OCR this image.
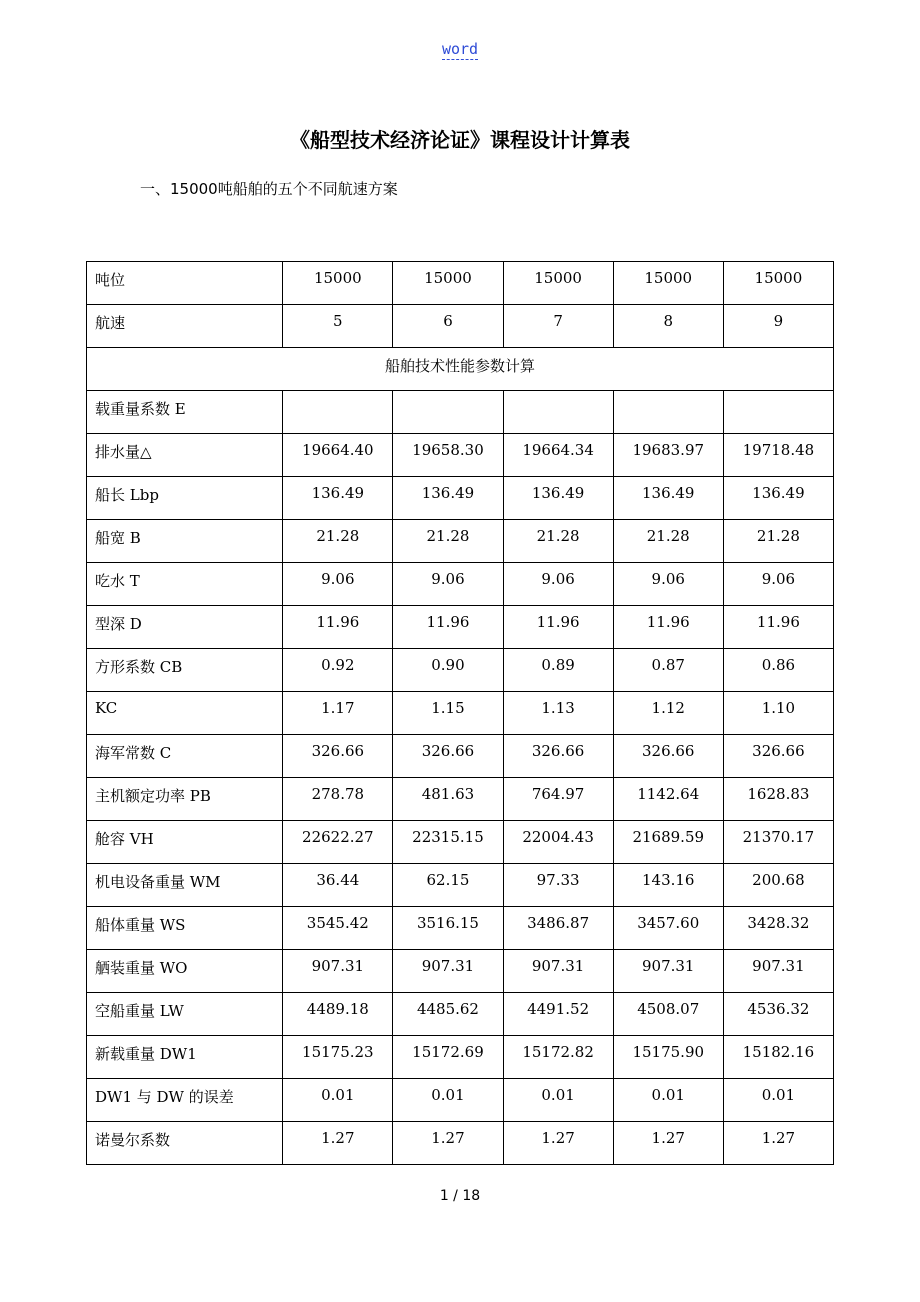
word
《船型技术经济论证》课程设计计算表
一、15000吨船舶的五个不同航速方案
吨位	15000	15000	15000	15000	15000
航速	5	6	7	8	9
船舶技术性能参数计算					
载重量系数 E					
排水量△	19664.40	19658.30	19664.34	19683.97	19718.48
船长 Lbp	136.49	136.49	136.49	136.49	136.49
船宽 B	21.28	21.28	21.28	21.28	21.28
吃水 T	9.06	9.06	9.06	9.06	9.06
型深 D	11.96	11.96	11.96	11.96	11.96
方形系数 CB	0.92	0.90	0.89	0.87	0.86
KC	1.17	1.15	1.13	1.12	1.10
海军常数 C	326.66	326.66	326.66	326.66	326.66
主机额定功率 PB	278.78	481.63	764.97	1142.64	1628.83
舱容 VH	22622.27	22315.15	22004.43	21689.59	21370.17
机电设备重量 WM	36.44	62.15	97.33	143.16	200.68
船体重量 WS	3545.42	3516.15	3486.87	3457.60	3428.32
舾装重量 WO	907.31	907.31	907.31	907.31	907.31
空船重量 LW	4489.18	4485.62	4491.52	4508.07	4536.32
新载重量 DW1	15175.23	15172.69	15172.82	15175.90	15182.16
DW1 与 DW 的误差	0.01	0.01	0.01	0.01	0.01
诺曼尔系数	1.27	1.27	1.27	1.27	1.27
1 / 18
